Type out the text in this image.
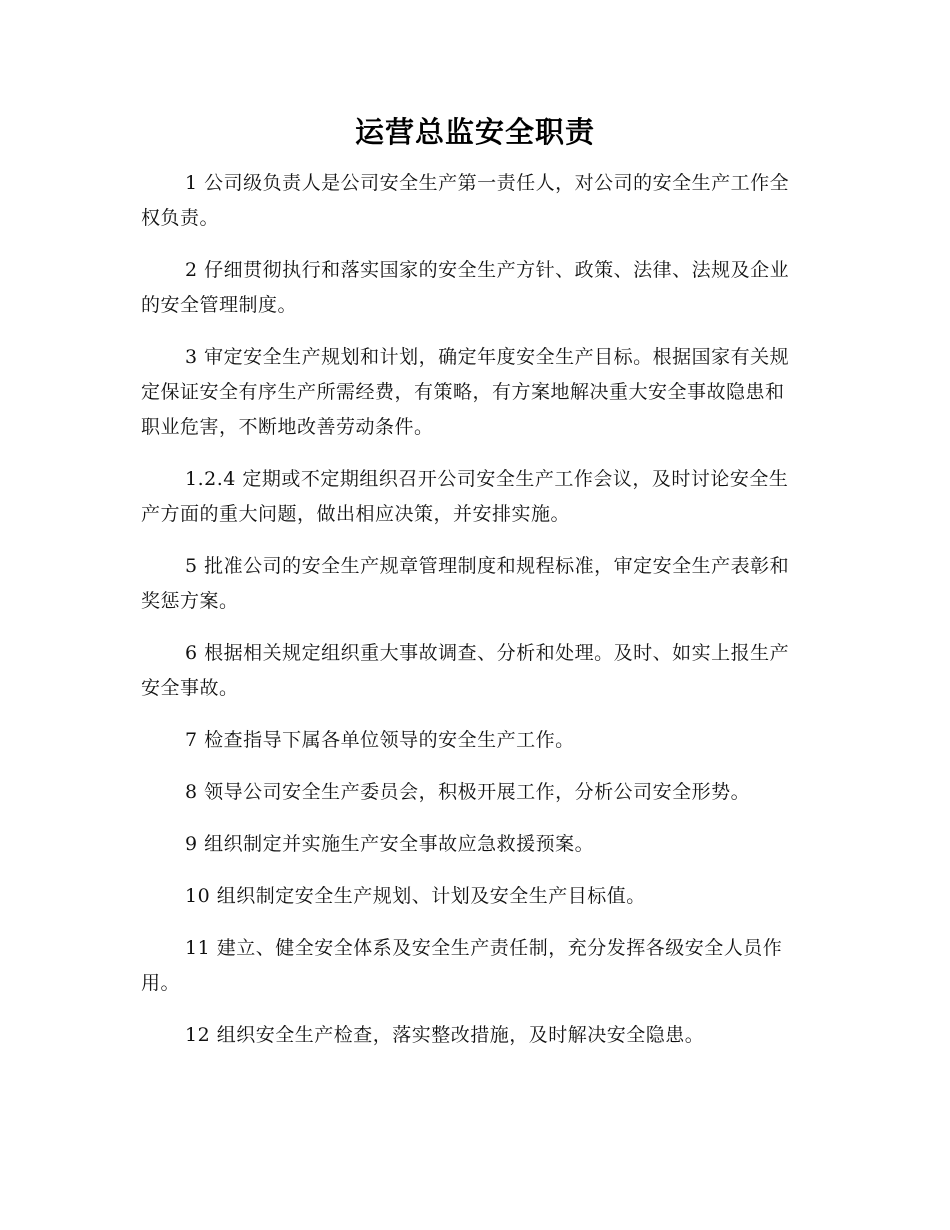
运营总监安全职责

1 公司级负责人是公司安全生产第一责任人，对公司的安全生产工作全权负责。

2 仔细贯彻执行和落实国家的安全生产方针、政策、法律、法规及企业的安全管理制度。

3 审定安全生产规划和计划，确定年度安全生产目标。根据国家有关规定保证安全有序生产所需经费，有策略，有方案地解决重大安全事故隐患和职业危害，不断地改善劳动条件。

1.2.4 定期或不定期组织召开公司安全生产工作会议，及时讨论安全生产方面的重大问题，做出相应决策，并安排实施。

5 批准公司的安全生产规章管理制度和规程标准，审定安全生产表彰和奖惩方案。

6 根据相关规定组织重大事故调查、分析和处理。及时、如实上报生产安全事故。

7 检查指导下属各单位领导的安全生产工作。

8 领导公司安全生产委员会，积极开展工作，分析公司安全形势。

9 组织制定并实施生产安全事故应急救援预案。

10 组织制定安全生产规划、计划及安全生产目标值。

11 建立、健全安全体系及安全生产责任制，充分发挥各级安全人员作用。

12 组织安全生产检查，落实整改措施，及时解决安全隐患。
